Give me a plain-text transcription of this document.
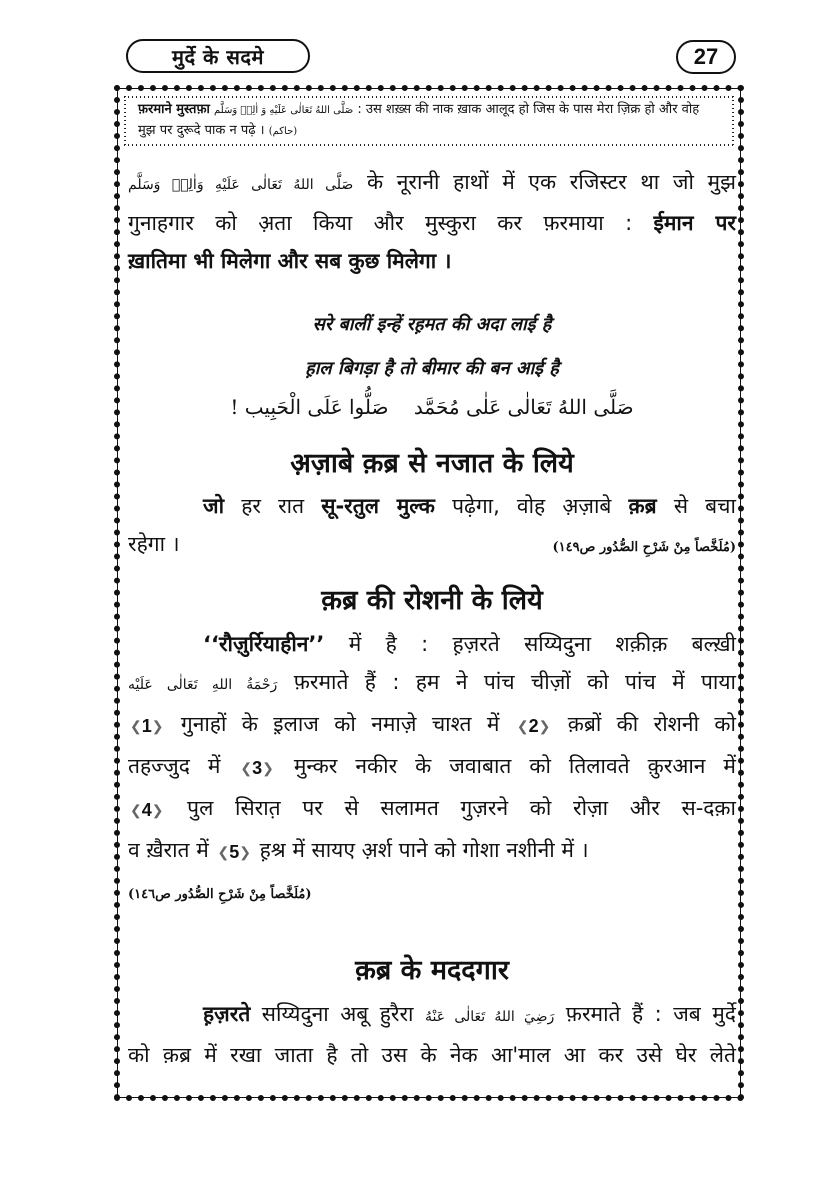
मुर्दे के सदमे	27
फ़रमाने मुस्तफ़ा صَلَّى اللهُ تَعَالٰى عَلَيْهِ وَ اٰلِهٖ وَسَلَّم : उस शख़्स की नाक ख़ाक आलूद हो जिस के पास मेरा ज़िक्र हो और वोह
मुझ पर दुरूदे पाक न पढ़े । (حاکم)

صَلَّى اللهُ تَعَالٰى عَلَيْهِ وَاٰلِهٖ وَسَلَّم के नूरानी हाथों में एक रजिस्टर था जो मुझ

गुनाहगार को अ़ता किया और मुस्कुरा कर फ़रमाया : ईमान पर

ख़ातिमा भी मिलेगा और सब कुछ मिलेगा ।

सरे बालीं इन्हें रह़मत की अदा लाई है
ह़ाल बिगड़ा है तो बीमार की बन आई है
صَلُّوا عَلَى الْحَبِيب ! صَلَّى اللهُ تَعَالٰى عَلٰى مُحَمَّد
अ़ज़ाबे क़ब्र से नजात के लिये

जो हर रात सू-रतुल मुल्क पढ़ेगा, वोह अ़ज़ाबे क़ब्र से बचा

रहेगा ।	(مُلَخَّصاً مِنْ شَرْحِ الصُّدُور ص١٤٩)

क़ब्र की रोशनी के लिये

‘‘रौज़ुर्रियाहीन’’ में है : ह़ज़रते सय्यिदुना शक़ीक़ बल्ख़ी

رَحْمَةُ اللهِ تَعَالٰى عَلَيْه फ़रमाते हैं : हम ने पांच चीज़ों को पांच में पाया

❮ 1 ❯ गुनाहों के इ़लाज को नमाज़े चाश्त में ❮ 2 ❯ क़ब्रों की रोशनी को

तहज्जुद में ❮ 3 ❯ मुन्कर नकीर के जवाबात को तिलावते क़ुरआन में

❮ 4 ❯ पुल सिरात़ पर से सलामत गुज़रने को रोज़ा और स-दक़ा

व ख़ैरात में ❮ 5 ❯ ह़श्र में सायए अ़र्श पाने को गोशा नशीनी में ।

(مُلَخَّصاً مِنْ شَرْحِ الصُّدُور ص١٤٦)

क़ब्र के मददगार

ह़ज़रते सय्यिदुना अबू हुरैरा رَضِيَ اللهُ تَعَالٰى عَنْهُ फ़रमाते हैं : जब मुर्दे

को क़ब्र में रखा जाता है तो उस के नेक आ'माल आ कर उसे घेर लेते
